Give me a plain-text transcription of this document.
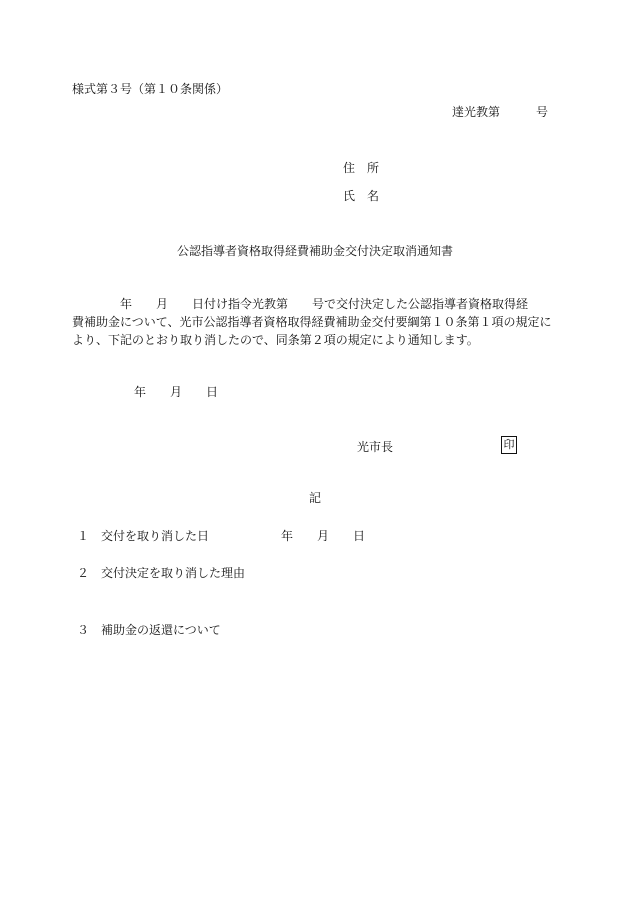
様式第３号（第１０条関係）
達光教第　　　号
住　所
氏　名
公認指導者資格取得経費補助金交付決定取消通知書
　　　　年　　月　　日付け指令光教第　　号で交付決定した公認指導者資格取得経
費補助金について、光市公認指導者資格取得経費補助金交付要綱第１０条第１項の規定に
より、下記のとおり取り消したので、同条第２項の規定により通知します。
年　　月　　日
光市長	印
記
１　交付を取り消した日　　　　　　年　　月　　日
２　交付決定を取り消した理由
３　補助金の返還について
